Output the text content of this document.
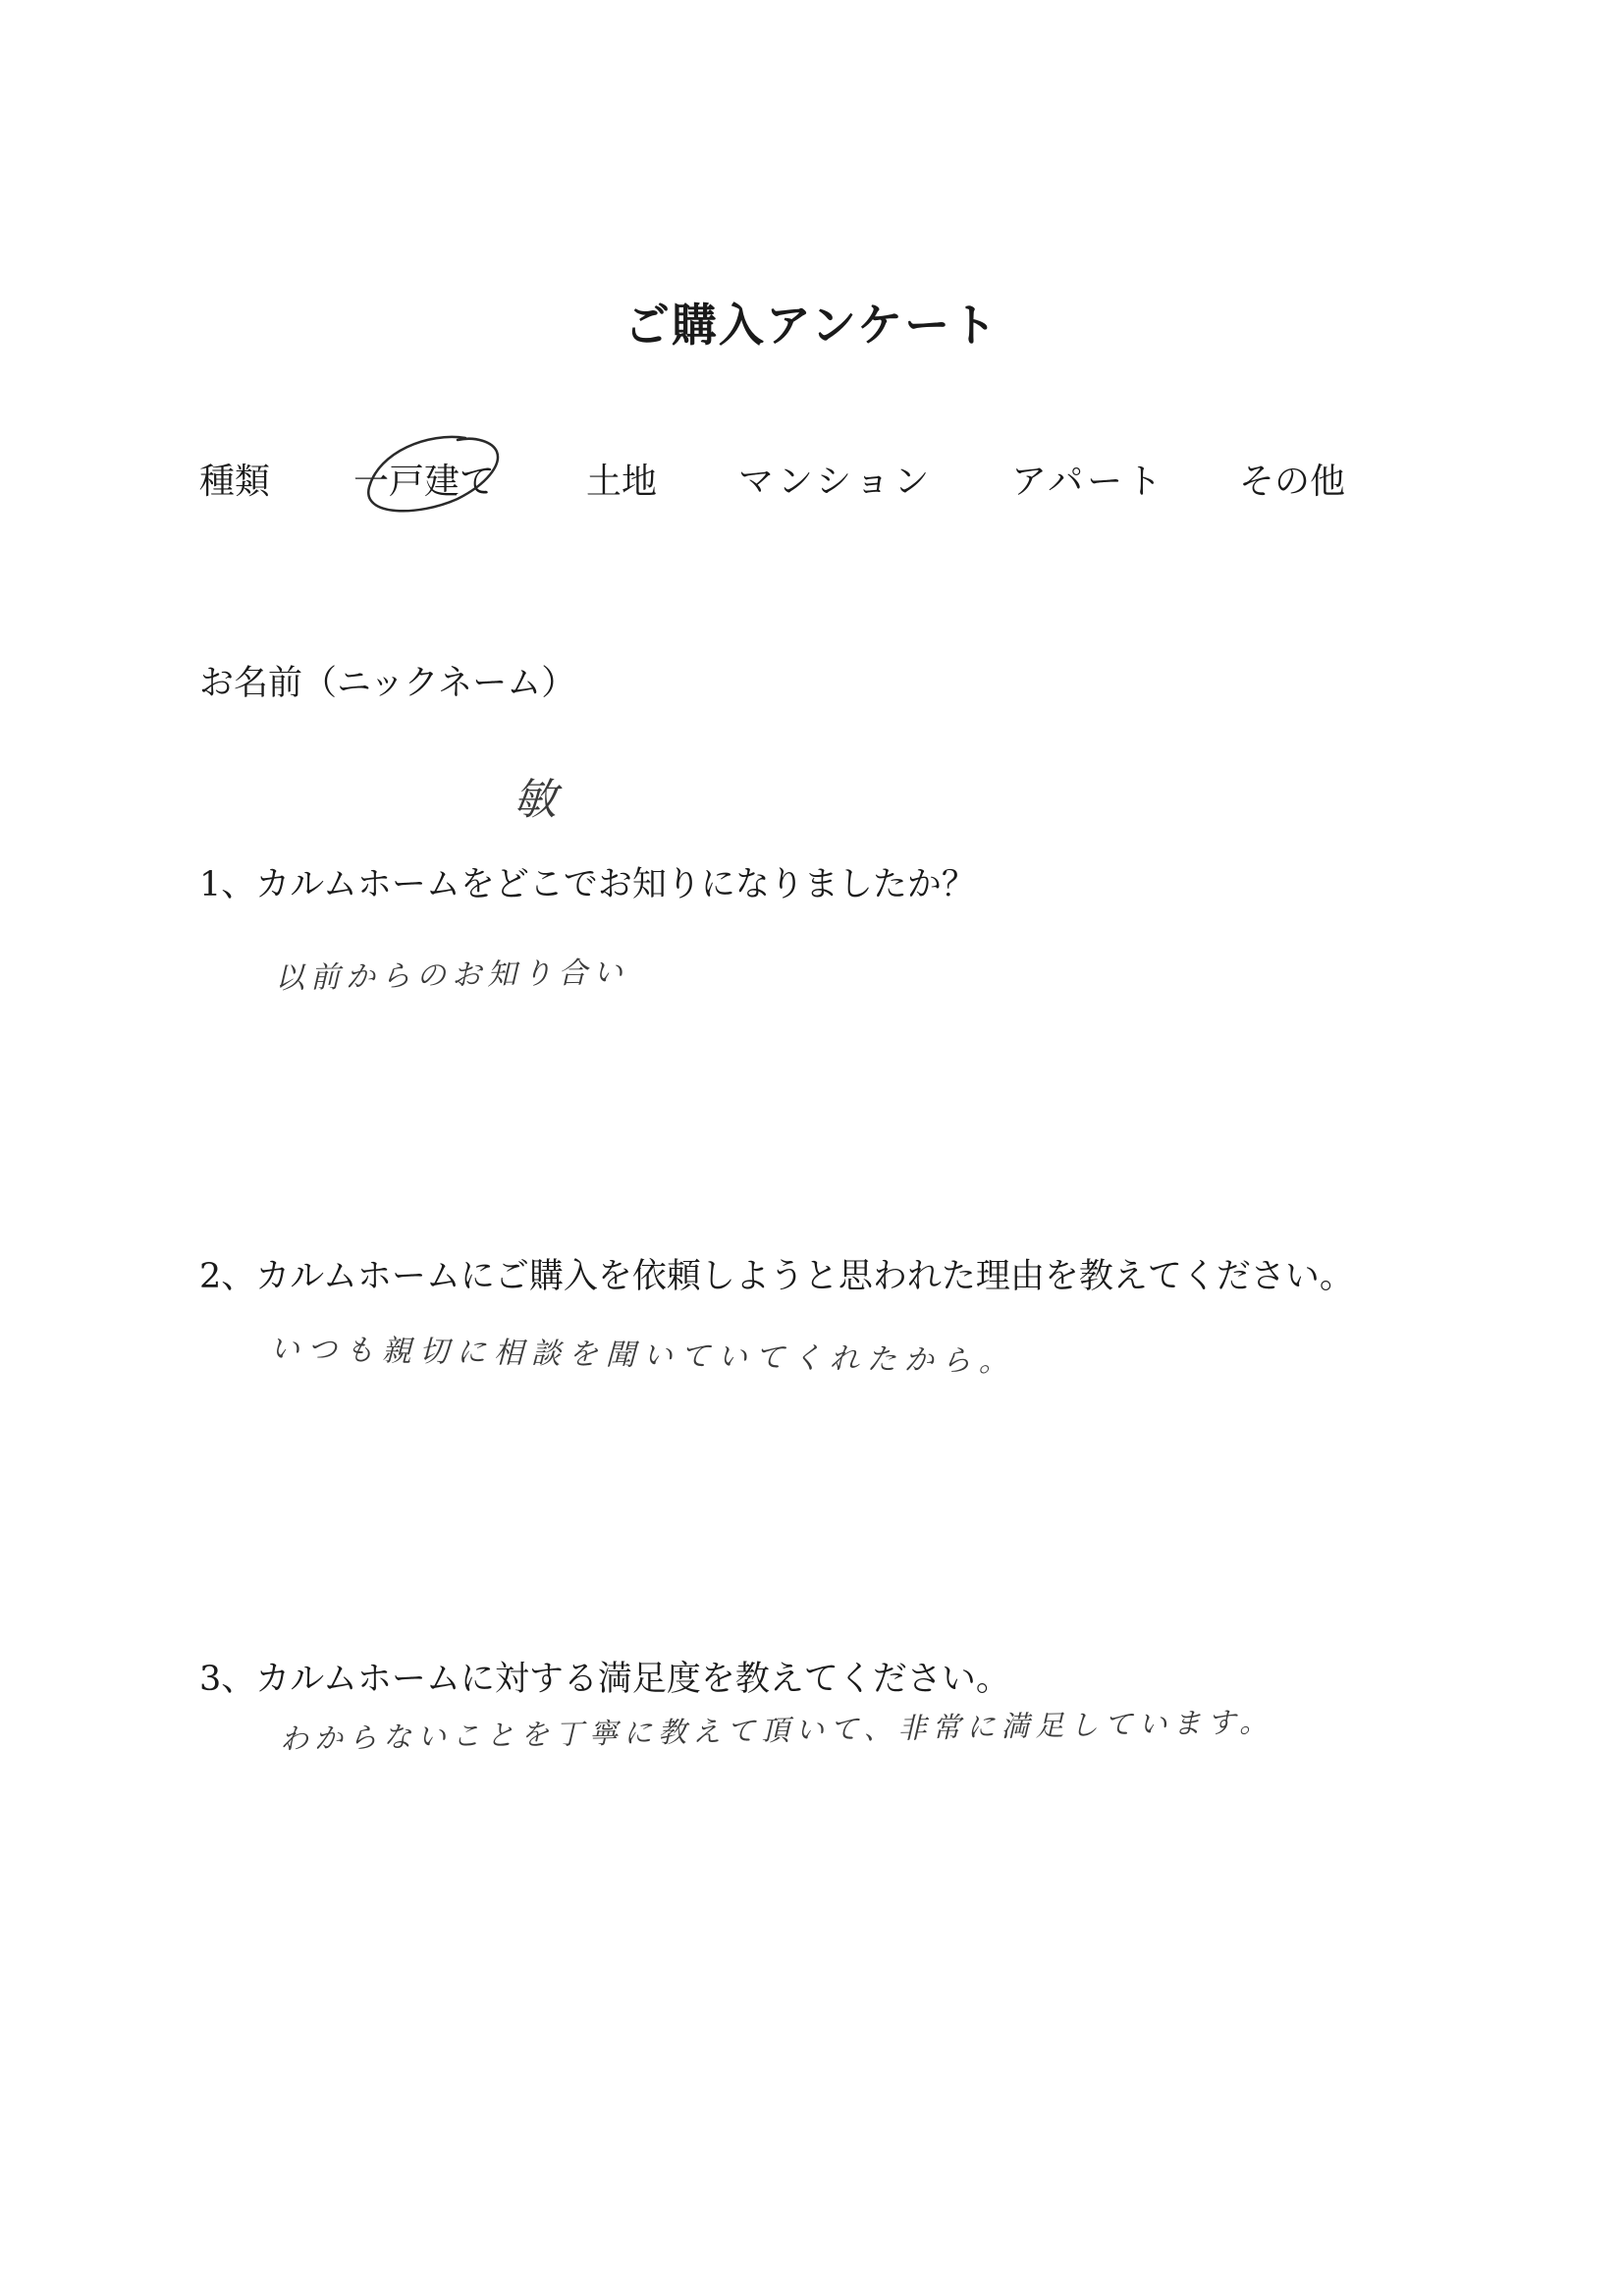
ご購入アンケート
種類 一戸建て	土地 マンション アパート その他
お名前（ニックネーム）
敏
1、カルムホームをどこでお知りになりましたか？
以前からのお知り合い
2、カルムホームにご購入を依頼しようと思われた理由を教えてください。
いつも親切に相談を聞いていてくれたから。
3、カルムホームに対する満足度を教えてください。
わからないことを丁寧に教えて頂いて、非常に満足しています。
